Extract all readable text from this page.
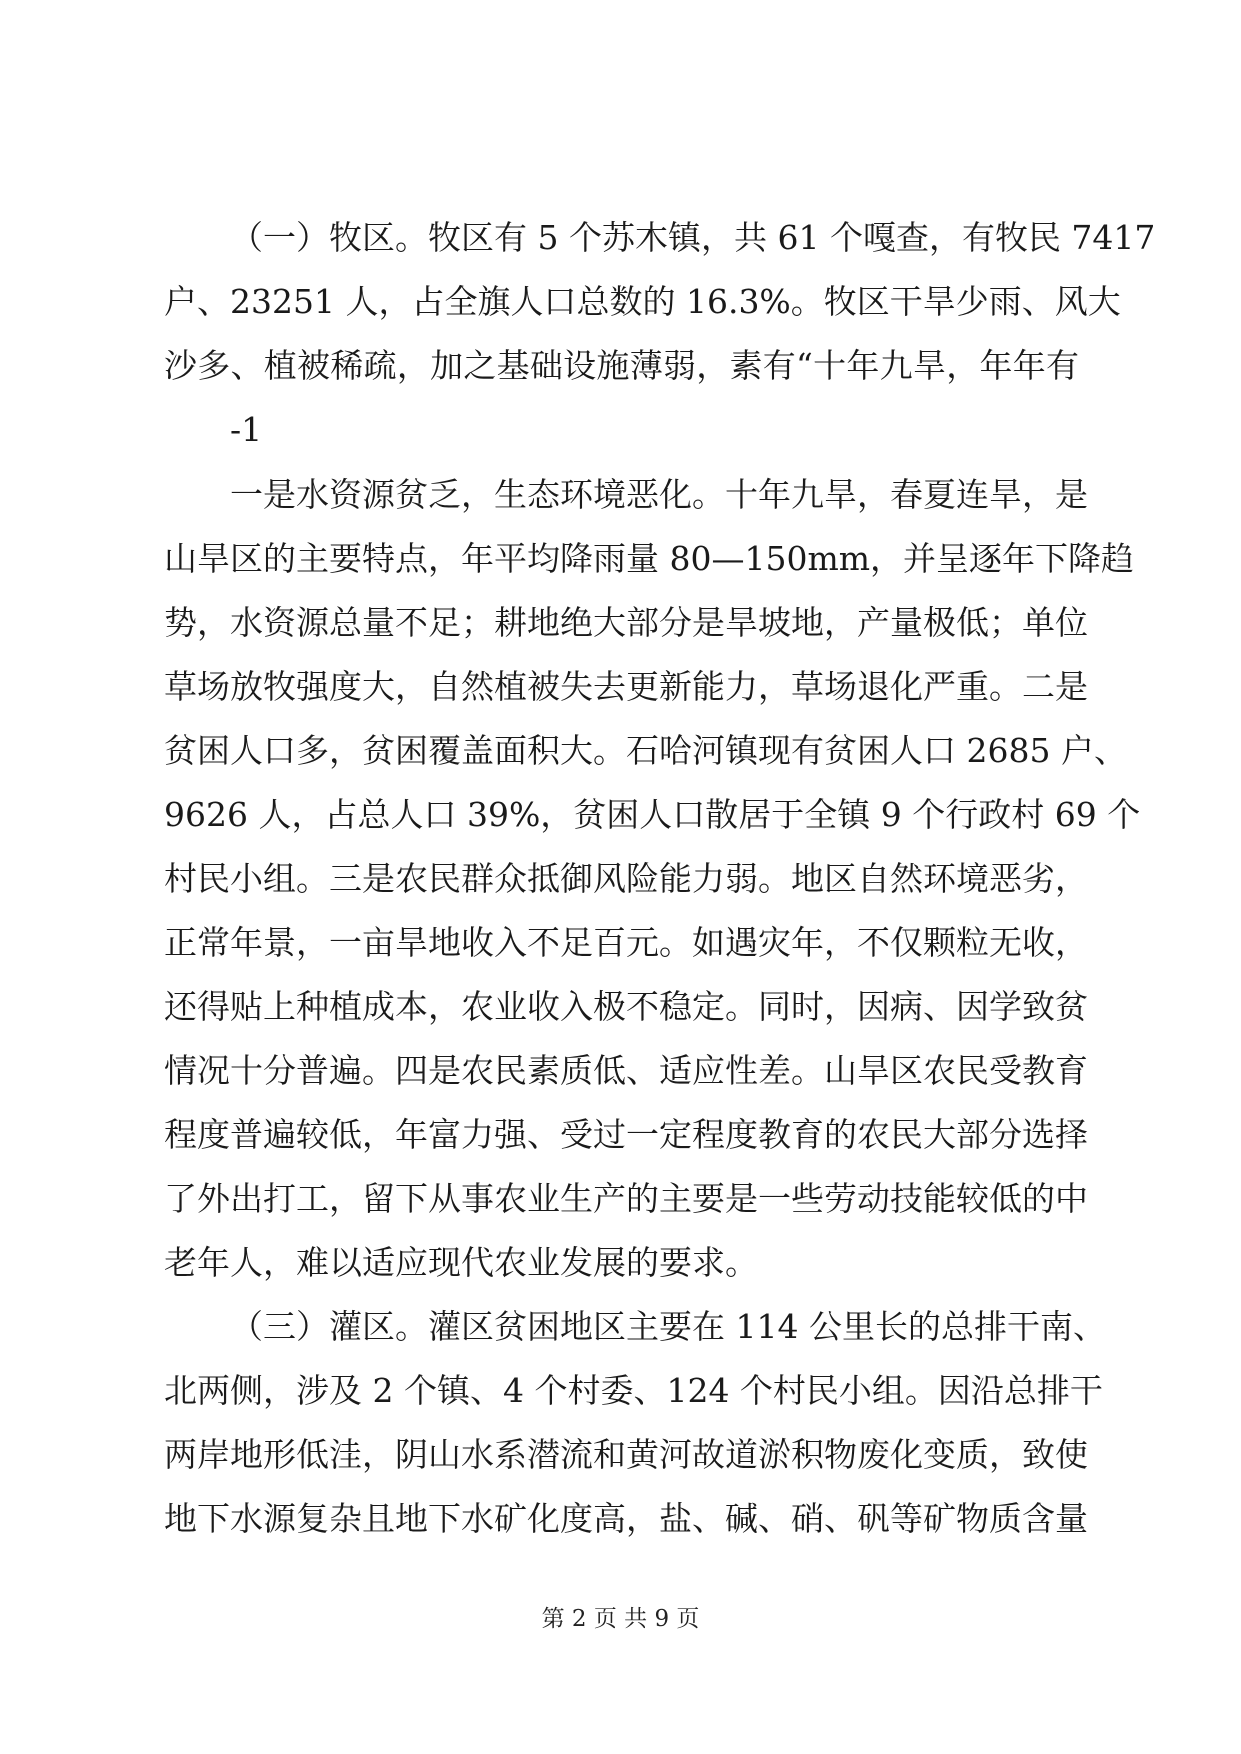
（一）牧区。牧区有 5 个苏木镇，共 61 个嘎查，有牧民 7417
户、23251 人，占全旗人口总数的 16.3%。牧区干旱少雨、风大
沙多、植被稀疏，加之基础设施薄弱，素有“十年九旱，年年有
-1
一是水资源贫乏，生态环境恶化。十年九旱，春夏连旱，是
山旱区的主要特点，年平均降雨量 80—150mm，并呈逐年下降趋
势，水资源总量不足；耕地绝大部分是旱坡地，产量极低；单位
草场放牧强度大，自然植被失去更新能力，草场退化严重。二是
贫困人口多，贫困覆盖面积大。石哈河镇现有贫困人口 2685 户、
9626 人，占总人口 39%，贫困人口散居于全镇 9 个行政村 69 个
村民小组。三是农民群众抵御风险能力弱。地区自然环境恶劣，
正常年景，一亩旱地收入不足百元。如遇灾年，不仅颗粒无收，
还得贴上种植成本，农业收入极不稳定。同时，因病、因学致贫
情况十分普遍。四是农民素质低、适应性差。山旱区农民受教育
程度普遍较低，年富力强、受过一定程度教育的农民大部分选择
了外出打工，留下从事农业生产的主要是一些劳动技能较低的中
老年人，难以适应现代农业发展的要求。
（三）灌区。灌区贫困地区主要在 114 公里长的总排干南、
北两侧，涉及 2 个镇、4 个村委、124 个村民小组。因沿总排干
两岸地形低洼，阴山水系潜流和黄河故道淤积物废化变质，致使
地下水源复杂且地下水矿化度高，盐、碱、硝、矾等矿物质含量
第 2 页 共 9 页
